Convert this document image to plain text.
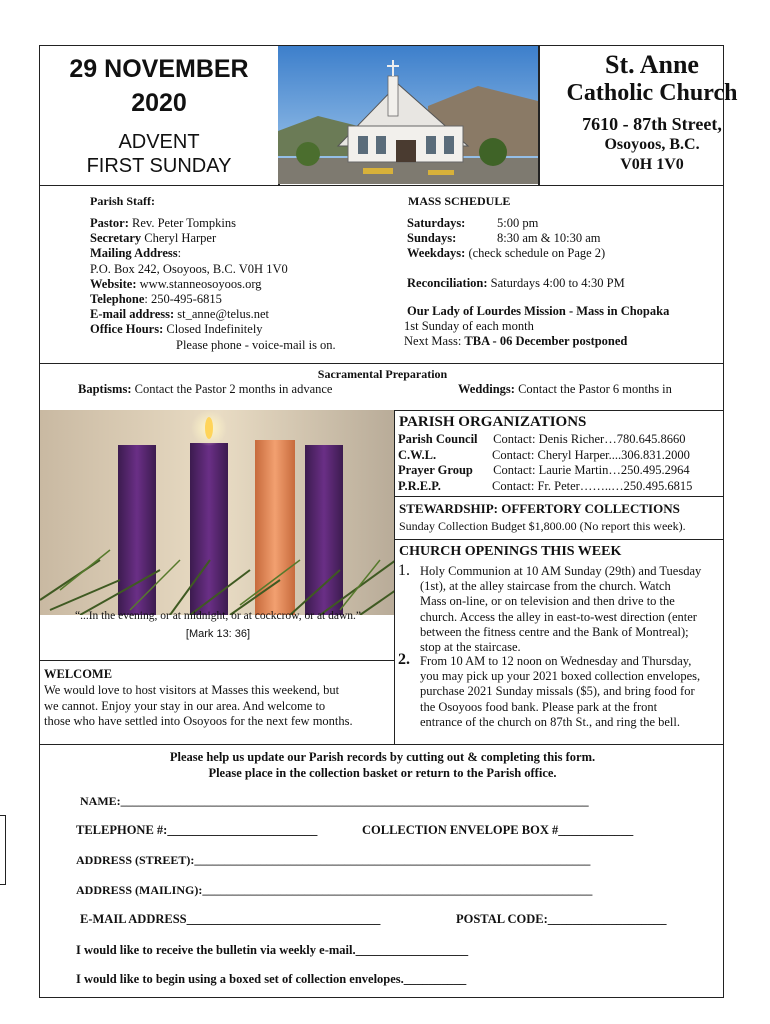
29 NOVEMBER
2020
ADVENT
FIRST SUNDAY
St. Anne
Catholic Church
7610 - 87th Street,
Osoyoos, B.C.
V0H 1V0
Parish Staff:
Pastor: Rev. Peter Tompkins
Secretary Cheryl Harper
Mailing Address:
P.O. Box 242, Osoyoos, B.C. V0H 1V0
Website: www.stanneosoyoos.org
Telephone: 250-495-6815
E-mail address: st_anne@telus.net
Office Hours: Closed Indefinitely
Please phone - voice-mail is on.
MASS SCHEDULE
Saturdays:	5:00 pm
Sundays:	8:30 am & 10:30 am
Weekdays: (check schedule on Page 2)
Reconciliation: Saturdays 4:00 to 4:30 PM
Our Lady of Lourdes Mission - Mass in Chopaka
1st Sunday of each month
Next Mass: TBA - 06 December postponed
Sacramental Preparation
Baptisms: Contact the Pastor 2 months in advance	Weddings: Contact the Pastor 6 months in
“...In the evening, or at midnight, or at cockcrow, or at dawn.”
[Mark 13: 36]
WELCOME
We would love to host visitors at Masses this weekend, but
we cannot. Enjoy your stay in our area. And welcome to
those who have settled into Osoyoos for the next few months.
PARISH ORGANIZATIONS
Parish Council Contact: Denis Richer…780.645.8660
C.W.L.	Contact: Cheryl Harper....306.831.2000
Prayer Group Contact: Laurie Martin…250.495.2964
P.R.E.P.	Contact: Fr. Peter……..…250.495.6815
STEWARDSHIP: OFFERTORY COLLECTIONS
Sunday Collection Budget $1,800.00 (No report this week).
CHURCH OPENINGS THIS WEEK
1. Holy Communion at 10 AM Sunday (29th) and Tuesday
(1st), at the alley staircase from the church. Watch
Mass on-line, or on television and then drive to the
church. Access the alley in east-to-west direction (enter
between the fitness centre and the Bank of Montreal);
stop at the staircase.
2. From 10 AM to 12 noon on Wednesday and Thursday,
you may pick up your 2021 boxed collection envelopes,
purchase 2021 Sunday missals ($5), and bring food for
the Osoyoos food bank. Please park at the front
entrance of the church on 87th St., and ring the bell.
Please help us update our Parish records by cutting out & completing this form.
Please place in the collection basket or return to the Parish office.
NAME:______________________________________________________________________________
TELEPHONE #:________________________	COLLECTION ENVELOPE BOX #____________
ADDRESS (STREET):__________________________________________________________________
ADDRESS (MAILING):_________________________________________________________________
E-MAIL ADDRESS_______________________________	POSTAL CODE:___________________
I would like to receive the bulletin via weekly e-mail.__________________
I would like to begin using a boxed set of collection envelopes.__________
